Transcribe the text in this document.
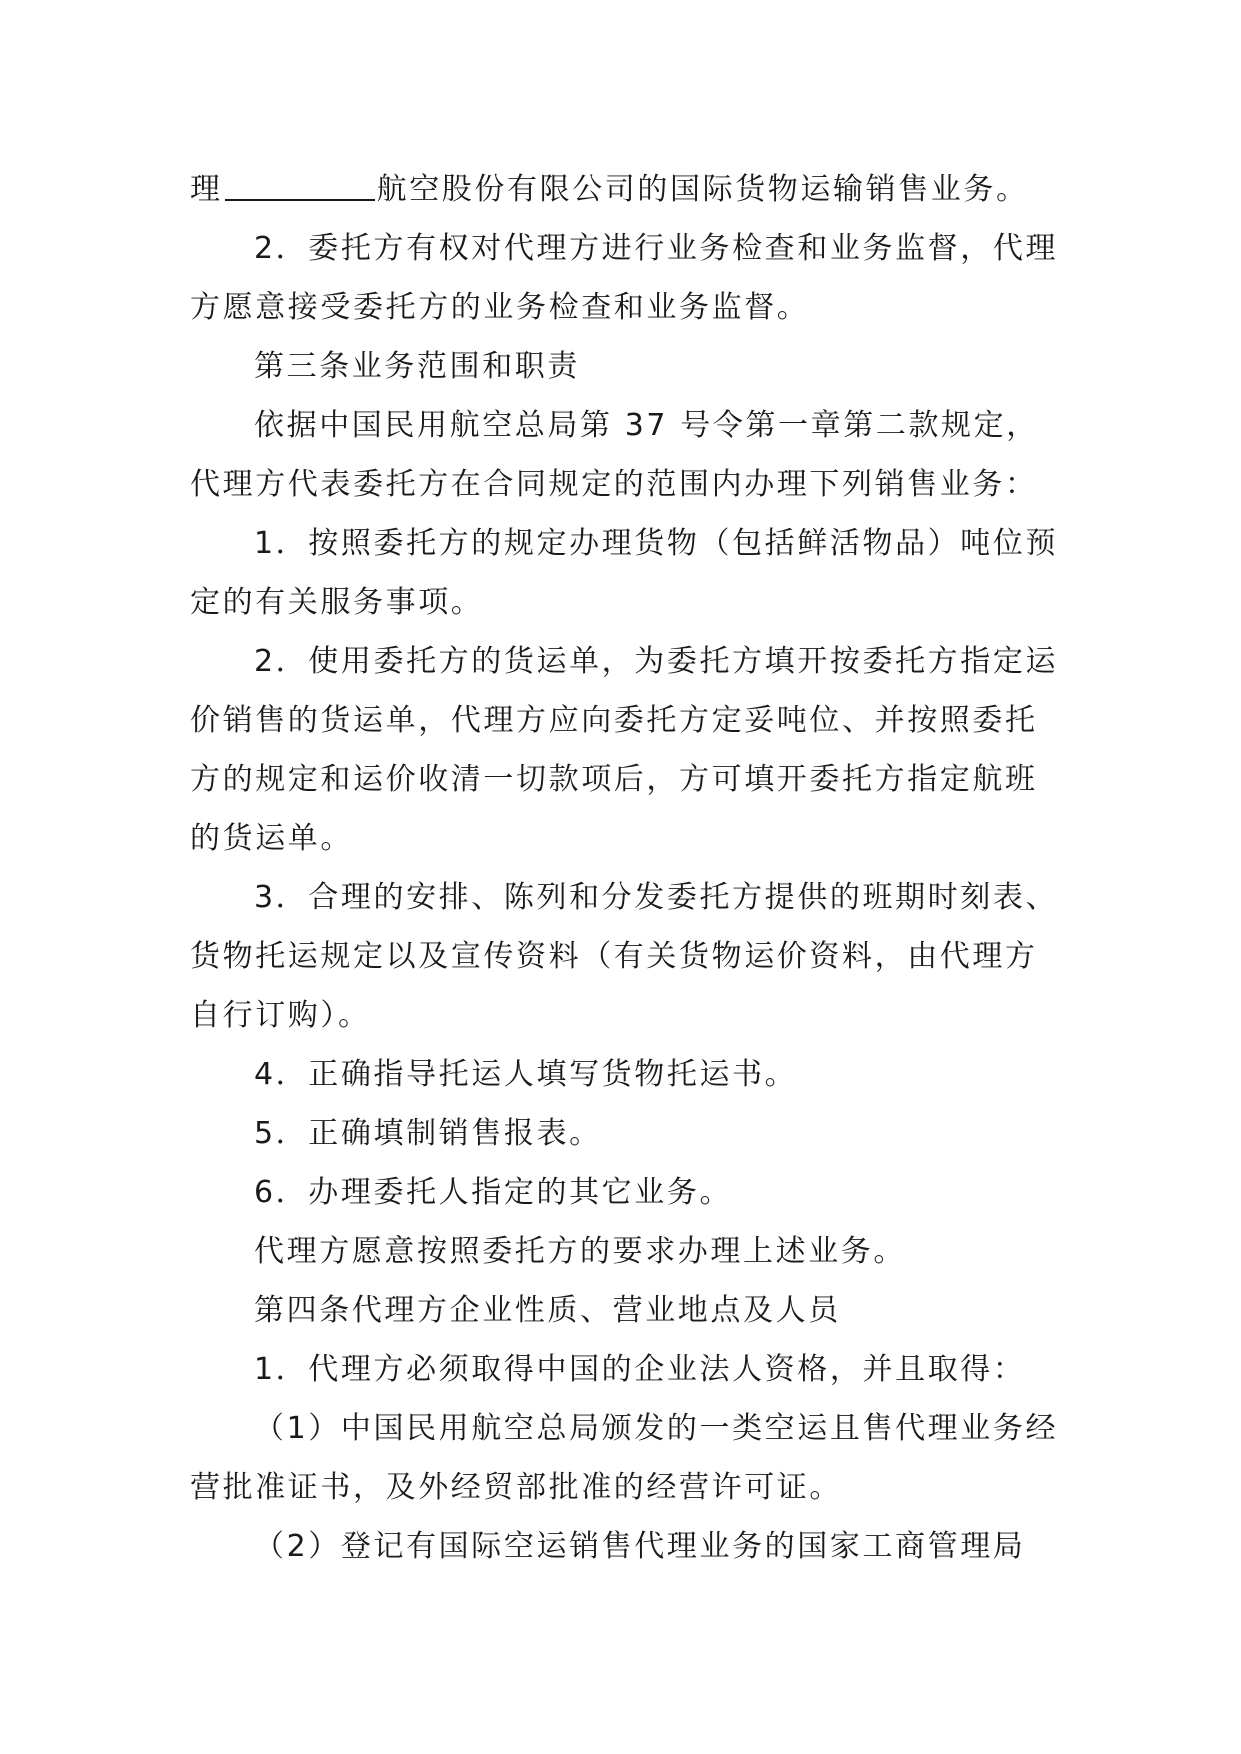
理	航空股份有限公司的国际货物运输销售业务。

2．委托方有权对代理方进行业务检查和业务监督，代理方愿意接受委托方的业务检查和业务监督。

第三条业务范围和职责

依据中国民用航空总局第 37 号令第一章第二款规定，代理方代表委托方在合同规定的范围内办理下列销售业务：

1．按照委托方的规定办理货物（包括鲜活物品）吨位预定的有关服务事项。

2．使用委托方的货运单，为委托方填开按委托方指定运价销售的货运单，代理方应向委托方定妥吨位、并按照委托方的规定和运价收清一切款项后，方可填开委托方指定航班的货运单。

3．合理的安排、陈列和分发委托方提供的班期时刻表、货物托运规定以及宣传资料（有关货物运价资料，由代理方自行订购）。

4．正确指导托运人填写货物托运书。

5．正确填制销售报表。

6．办理委托人指定的其它业务。

代理方愿意按照委托方的要求办理上述业务。

第四条代理方企业性质、营业地点及人员

1．代理方必须取得中国的企业法人资格，并且取得：

（1）中国民用航空总局颁发的一类空运且售代理业务经营批准证书，及外经贸部批准的经营许可证。

（2）登记有国际空运销售代理业务的国家工商管理局
